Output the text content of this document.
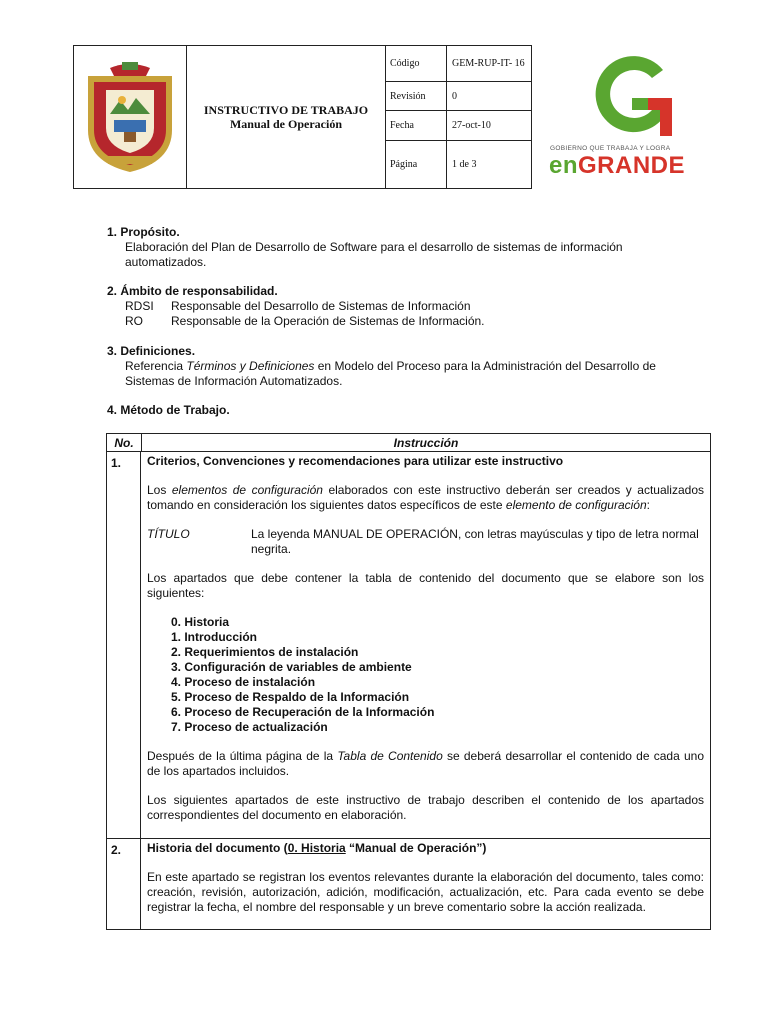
INSTRUCTIVO DE TRABAJO
Manual de Operación
Código	GEM-RUP-IT- 16
Revisión	0
Fecha	27-oct-10
Página	1 de 3
GOBIERNO QUE TRABAJA Y LOGRA
enGRANDE
1. Propósito.
Elaboración del Plan de Desarrollo de Software para el desarrollo de sistemas de información automatizados.
2. Ámbito de responsabilidad.
RDSI	Responsable del Desarrollo de Sistemas de Información
RO	Responsable de la Operación de Sistemas de Información.
3. Definiciones.
Referencia Términos y Definiciones en Modelo del Proceso para la Administración del Desarrollo de Sistemas de Información Automatizados.
4. Método de Trabajo.
No.	Instrucción
1.	Criterios, Convenciones y recomendaciones para utilizar este instructivo

Los elementos de configuración elaborados con este instructivo deberán ser creados y actualizados tomando en consideración los siguientes datos específicos de este elemento de configuración:

TÍTULO	La leyenda MANUAL DE OPERACIÓN, con letras mayúsculas y tipo de letra normal negrita.

Los apartados que debe contener la tabla de contenido del documento que se elabore son los siguientes:

0. Historia
1. Introducción
2. Requerimientos de instalación
3. Configuración de variables de ambiente
4. Proceso de instalación
5. Proceso de Respaldo de la Información
6. Proceso de Recuperación de la Información
7. Proceso de actualización

Después de la última página de la Tabla de Contenido se deberá desarrollar el contenido de cada uno de los apartados incluidos.

Los siguientes apartados de este instructivo de trabajo describen el contenido de los apartados correspondientes del documento en elaboración.

2.	Historia del documento (0. Historia “Manual de Operación”)

En este apartado se registran los eventos relevantes durante la elaboración del documento, tales como: creación, revisión, autorización, adición, modificación, actualización, etc. Para cada evento se debe registrar la fecha, el nombre del responsable y un breve comentario sobre la acción realizada.
